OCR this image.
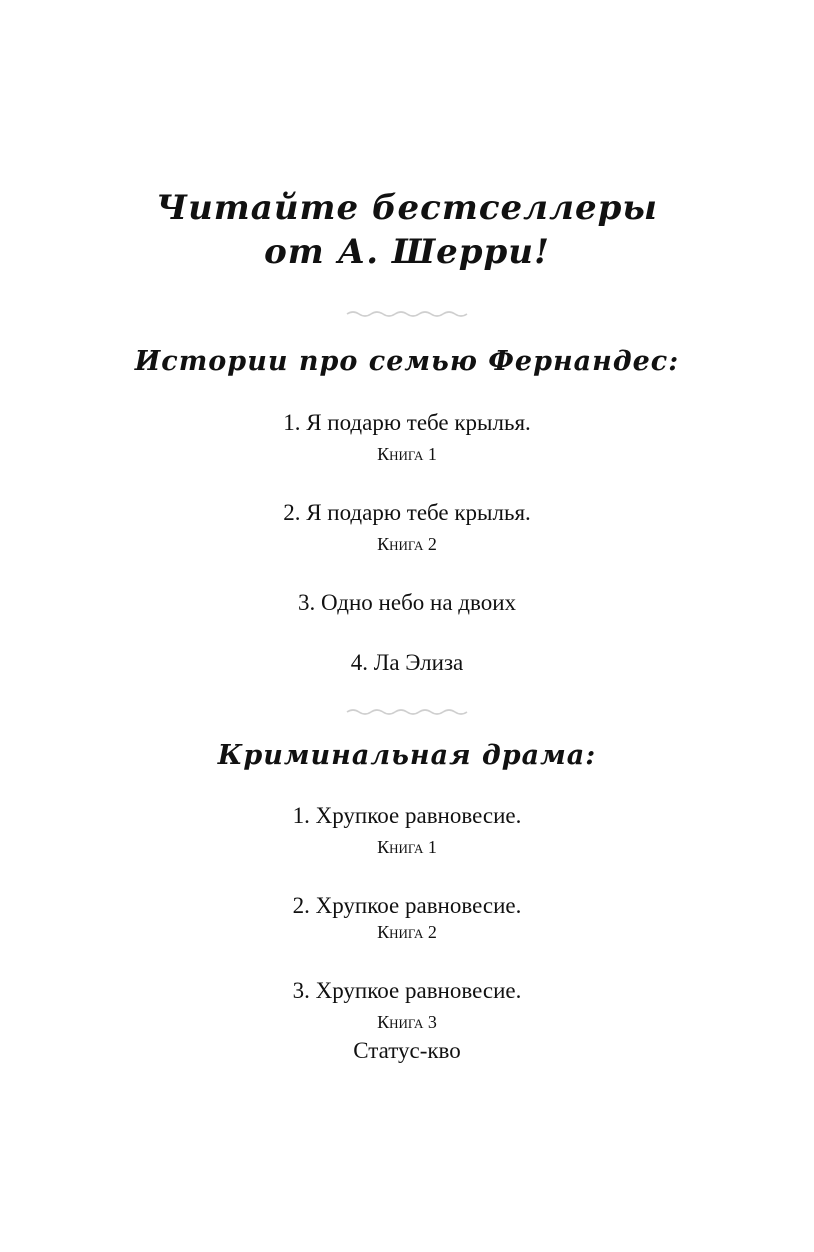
Читайте бестселлеры
от А. Шерри!
Истории про семью Фернандес:
1. Я подарю тебе крылья.
Книга 1
2. Я подарю тебе крылья.
Книга 2
3. Одно небо на двоих
4. Ла Элиза
Криминальная драма:
1. Хрупкое равновесие.
Книга 1
2. Хрупкое равновесие.
Книга 2
3. Хрупкое равновесие.
Книга 3
Статус-кво
